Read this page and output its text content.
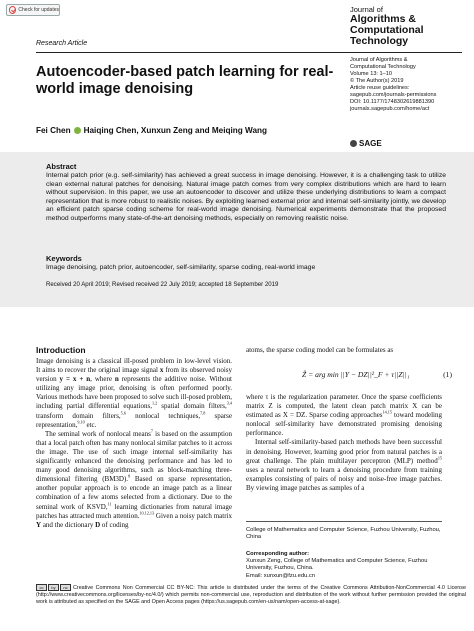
Check for updates	Journal of
Algorithms &
Computational
Technology
Research Article
Journal of Algorithms &
Computational Technology
Volume 13: 1–10
© The Author(s) 2019
Article reuse guidelines:
sagepub.com/journals-permissions
DOI: 10.1177/1748302619881390
journals.sagepub.com/home/act
SAGE
Autoencoder-based patch learning for real-world image denoising
Fei Chen Haiqing Chen, Xunxun Zeng and Meiqing Wang
Abstract
Internal patch prior (e.g. self-similarity) has achieved a great success in image denoising. However, it is a challenging task to utilize clean external natural patches for denoising. Natural image patch comes from very complex distributions which are hard to learn without supervision. In this paper, we use an autoencoder to discover and utilize these underlying distributions to learn a compact representation that is more robust to realistic noises. By exploiting learned external prior and internal self-similarity jointly, we develop an efficient patch sparse coding scheme for real-world image denoising. Numerical experiments demonstrate that the proposed method outperforms many state-of-the-art denoising methods, especially on removing realistic noise.
Keywords
Image denoising, patch prior, autoencoder, self-similarity, sparse coding, real-world image
Received 20 April 2019; Revised received 22 July 2019; accepted 18 September 2019
Introduction

Image denoising is a classical ill-posed problem in low-level vision. It aims to recover the original image signal x from its observed noisy version y = x + n, where n represents the additive noise. Without utilizing any image prior, denoising is often performed poorly. Various methods have been proposed to solve such ill-posed problem, including partial differential equations,$^{1,2}$ spatial domain filters,$^{3,4}$ transform domain filters,$^{5,6}$ nonlocal techniques,$^{7,8}$ sparse representation,$^{9,10}$ etc.

The seminal work of nonlocal means$^7$ is based on the assumption that a local patch often has many nonlocal similar patches to it across the image. The use of such image internal self-similarity has significantly enhanced the denoising performance and has led to many good denoising algorithms, such as block-matching three-dimensional filtering (BM3D).$^8$ Based on sparse representation, another popular approach is to encode an image patch as a linear combination of a few atoms selected from a dictionary. Due to the seminal work of KSVD,$^{11}$ learning dictionaries from natural image patches has attracted much attention.$^{10,12,13}$ Given a noisy patch matrix Y and the dictionary D of coding

atoms, the sparse coding model can be formulates as
Ẑ = arg min ||Y − DZ||²_F + τ||Z||₁	(1)

where τ is the regularization parameter. Once the sparse coefficients matrix Z is computed, the latent clean patch matrix X can be estimated as X = DZ. Sparse coding approaches$^{14,15}$ toward modeling nonlocal self-similarity have demonstrated promising denoising performance.

Internal self-similarity-based patch methods have been successful in denoising. However, learning good prior from natural patches is a great challenge. The plain multilayer perceptron (MLP) method$^{15}$ uses a neural network to learn a denoising procedure from training examples consisting of pairs of noisy and noise-free image patches. By viewing image patches as samples of a

College of Mathematics and Computer Science, Fuzhou University, Fuzhou, China
Corresponding author:
Xunxun Zeng, College of Mathematics and Computer Science, Fuzhou University, Fuzhou, China.
Email: xunxun@fzu.edu.cn
cc	by	nc Creative Commons Non Commercial CC BY-NC: This article is distributed under the terms of the Creative Commons Attribution-NonCommercial 4.0 License (http://www.creativecommons.org/licenses/by-nc/4.0/) which permits non-commercial use, reproduction and distribution of the work without further permission provided the original work is attributed as specified on the SAGE and Open Access pages (https://us.sagepub.com/en-us/nam/open-access-at-sage).
